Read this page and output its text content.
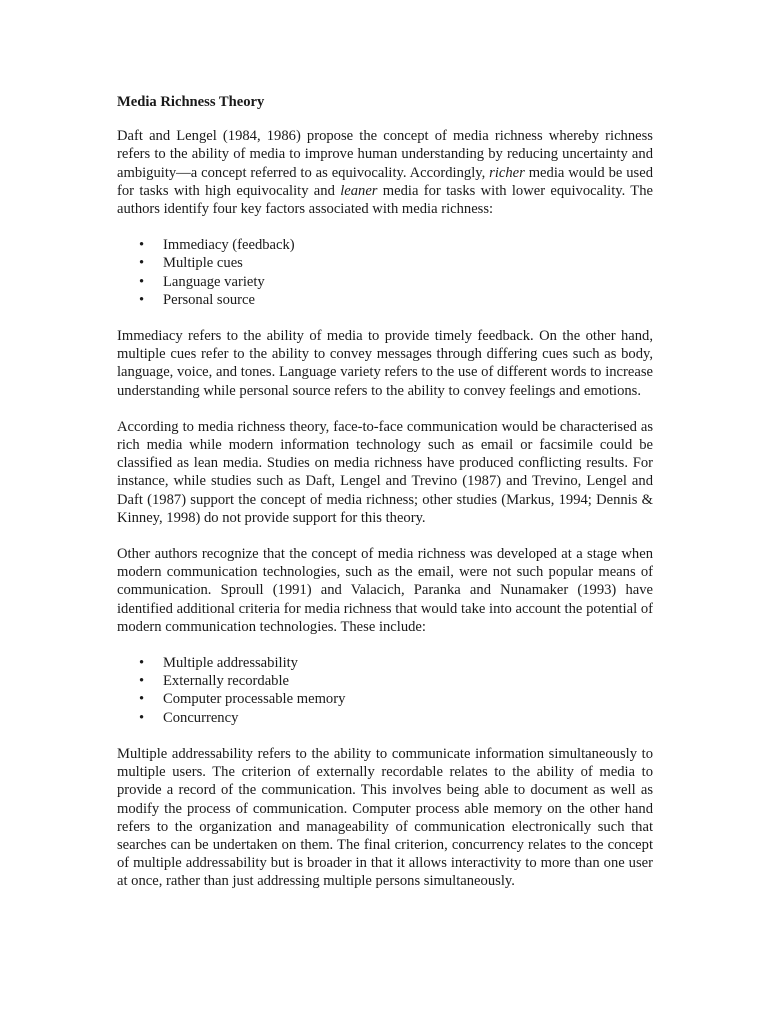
Media Richness Theory

Daft and Lengel (1984, 1986) propose the concept of media richness whereby richness refers to the ability of media to improve human understanding by reducing uncertainty and ambiguity—a concept referred to as equivocality. Accordingly, richer media would be used for tasks with high equivocality and leaner media for tasks with lower equivocality. The authors identify four key factors associated with media richness:

• Immediacy (feedback)
• Multiple cues
• Language variety
• Personal source

Immediacy refers to the ability of media to provide timely feedback. On the other hand, multiple cues refer to the ability to convey messages through differing cues such as body, language, voice, and tones. Language variety refers to the use of different words to increase understanding while personal source refers to the ability to convey feelings and emotions.

According to media richness theory, face-to-face communication would be characterised as rich media while modern information technology such as email or facsimile could be classified as lean media. Studies on media richness have produced conflicting results. For instance, while studies such as Daft, Lengel and Trevino (1987) and Trevino, Lengel and Daft (1987) support the concept of media richness; other studies (Markus, 1994; Dennis & Kinney, 1998) do not provide support for this theory.

Other authors recognize that the concept of media richness was developed at a stage when modern communication technologies, such as the email, were not such popular means of communication. Sproull (1991) and Valacich, Paranka and Nunamaker (1993) have identified additional criteria for media richness that would take into account the potential of modern communication technologies. These include:

• Multiple addressability
• Externally recordable
• Computer processable memory
• Concurrency

Multiple addressability refers to the ability to communicate information simultaneously to multiple users. The criterion of externally recordable relates to the ability of media to provide a record of the communication. This involves being able to document as well as modify the process of communication. Computer process able memory on the other hand refers to the organization and manageability of communication electronically such that searches can be undertaken on them. The final criterion, concurrency relates to the concept of multiple addressability but is broader in that it allows interactivity to more than one user at once, rather than just addressing multiple persons simultaneously.
